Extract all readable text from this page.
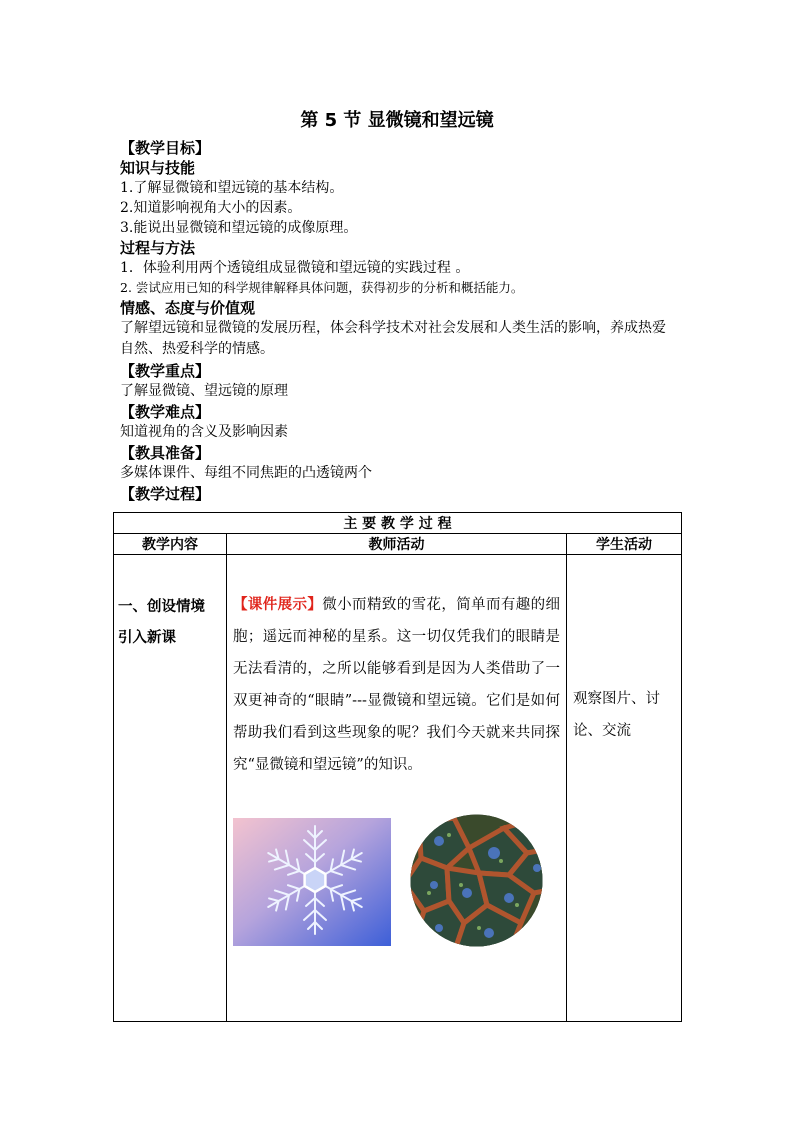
第 5 节 显微镜和望远镜
【教学目标】
知识与技能
1.了解显微镜和望远镜的基本结构。
2.知道影响视角大小的因素。
3.能说出显微镜和望远镜的成像原理。
过程与方法
1．体验利用两个透镜组成显微镜和望远镜的实践过程 。
2. 尝试应用已知的科学规律解释具体问题，获得初步的分析和概括能力。
情感、态度与价值观
了解望远镜和显微镜的发展历程，体会科学技术对社会发展和人类生活的影响，养成热爱自然、热爱科学的情感。
【教学重点】
了解显微镜、望远镜的原理
【教学难点】
知道视角的含义及影响因素
【教具准备】
多媒体课件、每组不同焦距的凸透镜两个
【教学过程】
主 要 教 学 过 程		
教学内容	教师活动	学生活动

一、创设情境
引入新课	【课件展示】微小而精致的雪花，简单而有趣的细胞；遥远而神秘的星系。这一切仅凭我们的眼睛是无法看清的，之所以能够看到是因为人类借助了一双更神奇的“眼睛”---显微镜和望远镜。它们是如何帮助我们看到这些现象的呢？我们今天就来共同探究“显微镜和望远镜”的知识。	观察图片、讨论、交流
